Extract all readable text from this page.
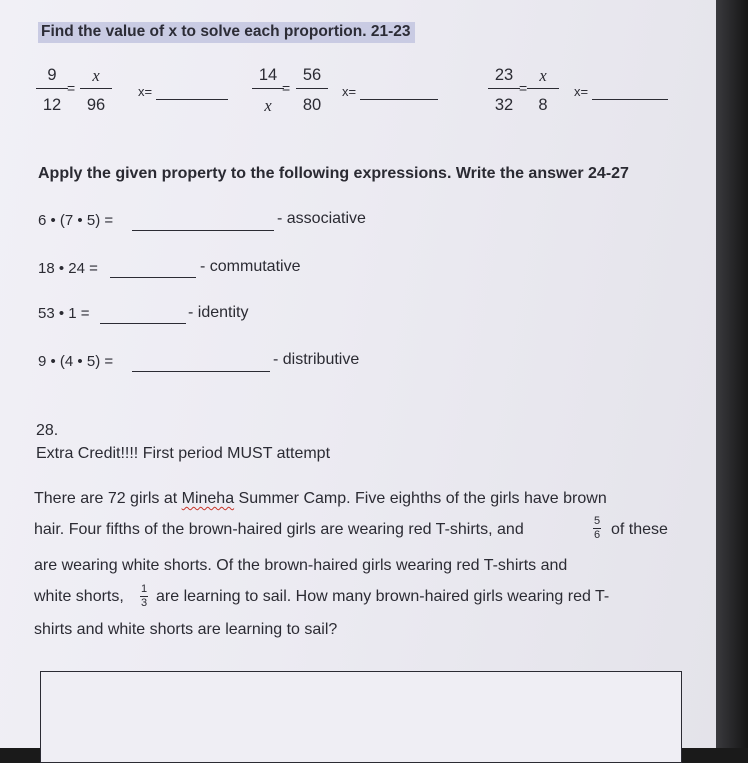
Find the value of x to solve each proportion. 21-23
9
12
=
x
96
x=
14
x
=
56
80
x=
23
32
=
x
8
x=
Apply the given property to the following expressions. Write the answer 24-27
6 • (7 • 5) =	- associative
18 • 24 =	- commutative
53 • 1 =	- identity
9 • (4 • 5) =	- distributive
28.
Extra Credit!!!! First period MUST attempt
There are 72 girls at Mineha Summer Camp. Five eighths of the girls have brown
hair. Four fifths of the brown-haired girls are wearing red T-shirts, and	5
6 of these
are wearing white shorts. Of the brown-haired girls wearing red T-shirts and
white shorts,	1
3 are learning to sail. How many brown-haired girls wearing red T-
shirts and white shorts are learning to sail?
